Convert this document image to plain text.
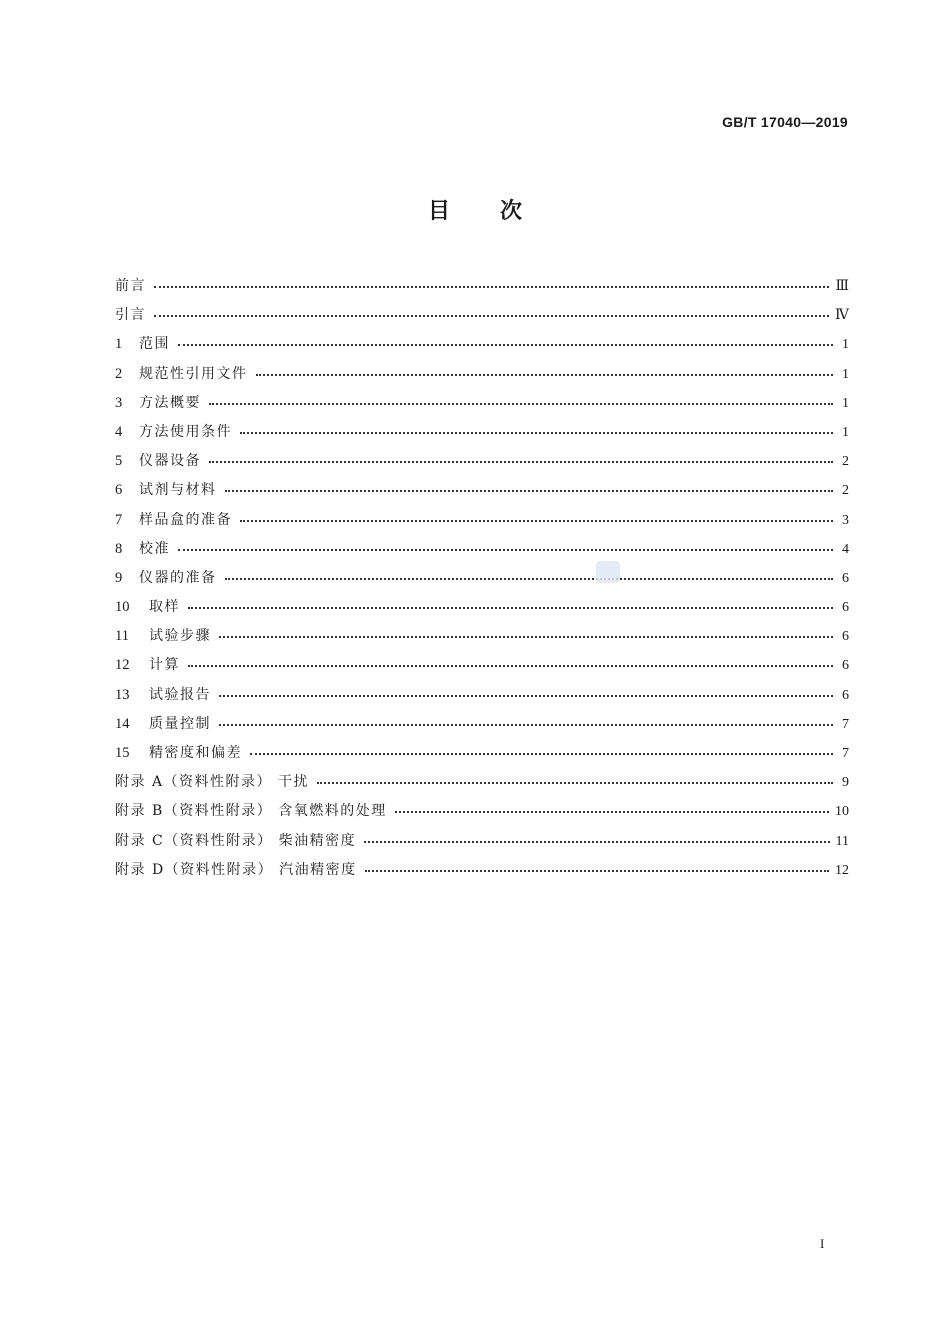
GB/T 17040—2019
目次
前言	Ⅲ
引言	Ⅳ
1 范围	1
2 规范性引用文件	1
3 方法概要	1
4 方法使用条件	1
5 仪器设备	2
6 试剂与材料	2
7 样品盒的准备	3
8 校准	4
9 仪器的准备	6
10	取样	6
11	试验步骤	6
12	计算	6
13	试验报告	6
14	质量控制	7
15	精密度和偏差	7
附录 A（资料性附录） 干扰	9
附录 B（资料性附录） 含氧燃料的处理	10
附录 C（资料性附录） 柴油精密度	11
附录 D（资料性附录） 汽油精密度	12
I
